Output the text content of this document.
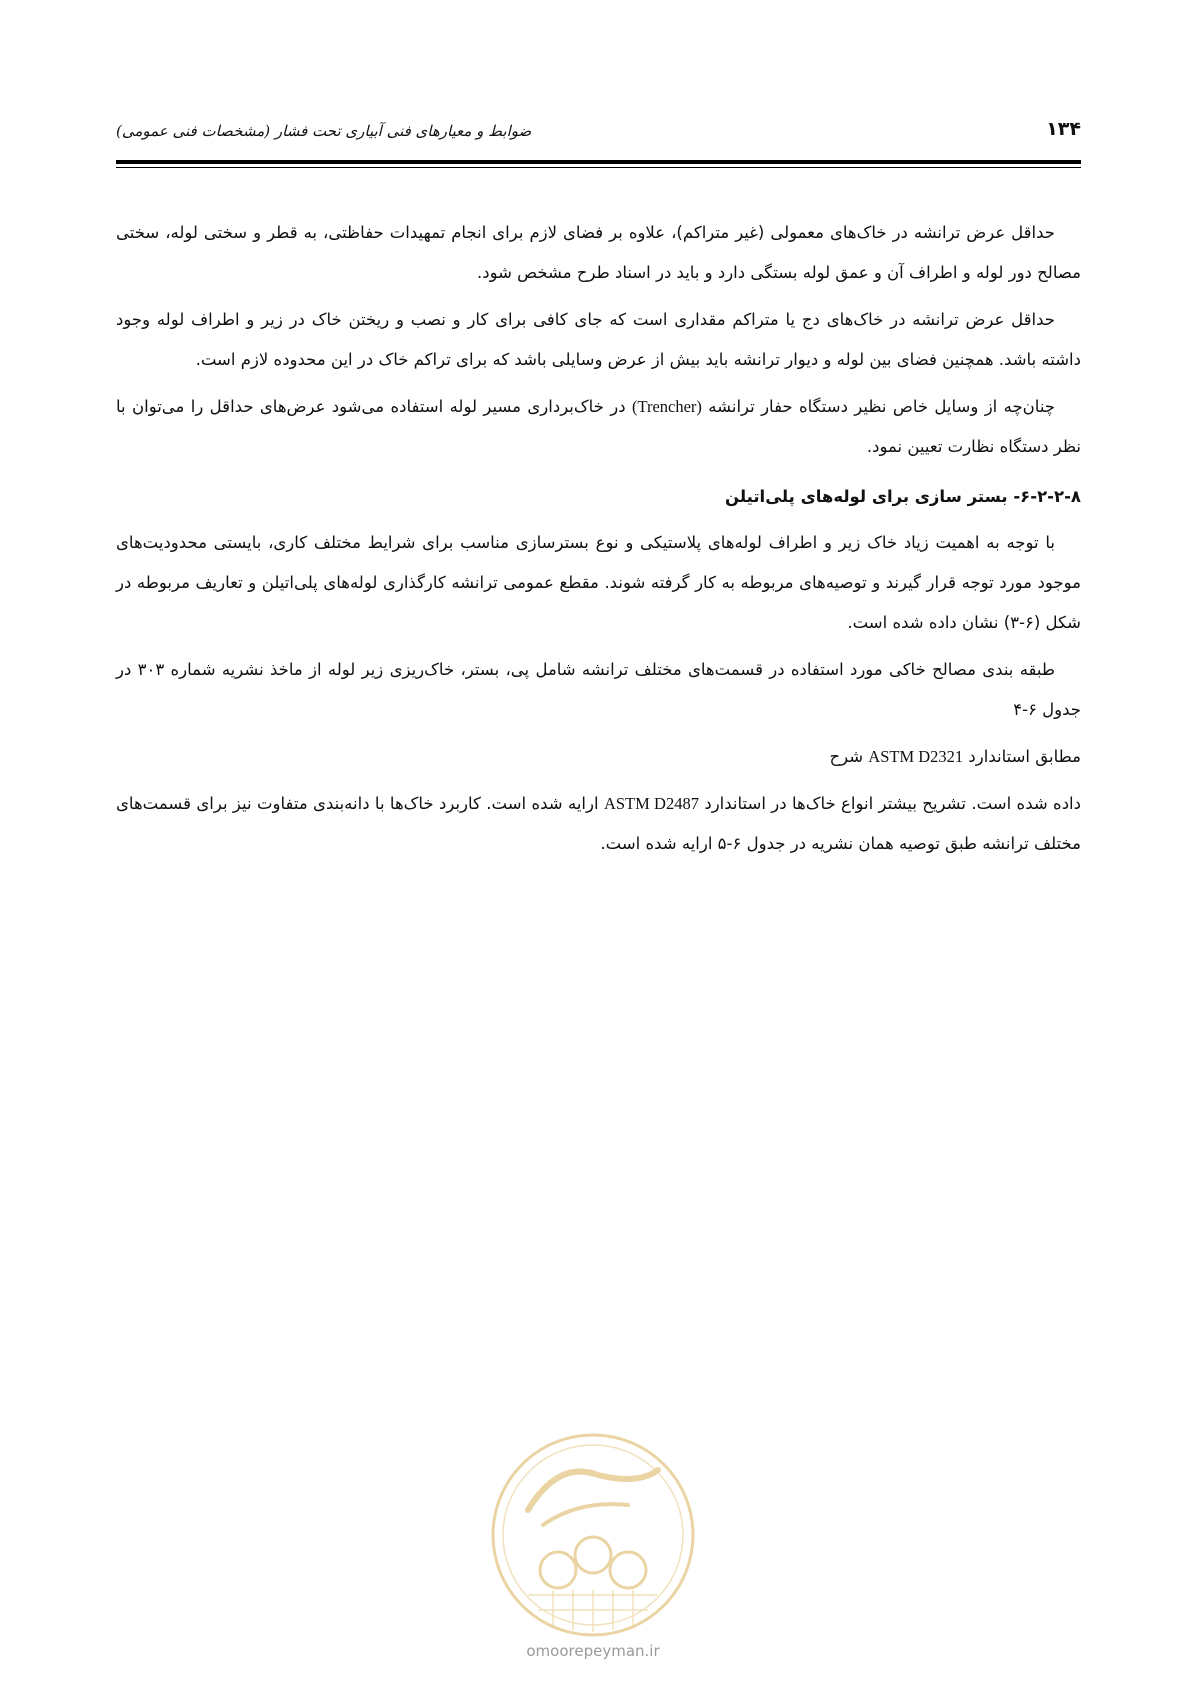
ضوابط و معیارهای فنی آبیاری تحت فشار (مشخصات فنی عمومی)	۱۳۴

حداقل عرض ترانشه در خاک‌های معمولی (غیر متراکم)، علاوه بر فضای لازم برای انجام تمهیدات حفاظتی، به قطر و سختی لوله، سختی مصالح دور لوله و اطراف آن و عمق لوله بستگی دارد و باید در اسناد طرح مشخص شود.

حداقل عرض ترانشه در خاک‌های دج یا متراکم مقداری است که جای کافی برای کار و نصب و ریختن خاک در زیر و اطراف لوله وجود داشته باشد. همچنین فضای بین لوله و دیوار ترانشه باید بیش از عرض وسایلی باشد که برای تراکم خاک در این محدوده لازم است.

چنان‌چه از وسایل خاص نظیر دستگاه حفار ترانشه (Trencher) در خاک‌برداری مسیر لوله استفاده می‌شود عرض‌های حداقل را می‌توان با نظر دستگاه نظارت تعیین نمود.

۶-۲-۲-۸- بستر سازی برای لوله‌های پلی‌اتیلن

با توجه به اهمیت زیاد خاک زیر و اطراف لوله‌های پلاستیکی و نوع بسترسازی مناسب برای شرایط مختلف کاری، بایستی محدودیت‌های موجود مورد توجه قرار گیرند و توصیه‌های مربوطه به کار گرفته شوند. مقطع عمومی ترانشه کارگذاری لوله‌های پلی‌اتیلن و تعاریف مربوطه در شکل (۶-۳) نشان داده شده است.

طبقه بندی مصالح خاکی مورد استفاده در قسمت‌های مختلف ترانشه شامل پی، بستر، خاک‌ریزی زیر لوله از ماخذ نشریه شماره ۳۰۳ در جدول ۶-۴

مطابق استاندارد ASTM D2321 شرح

داده شده است. تشریح بیشتر انواع خاک‌ها در استاندارد ASTM D2487 ارایه شده است. کاربرد خاک‌ها با دانه‌بندی متفاوت نیز برای قسمت‌های مختلف ترانشه طبق توصیه همان نشریه در جدول ۶-۵ ارایه شده است.

omoorepeyman.ir
